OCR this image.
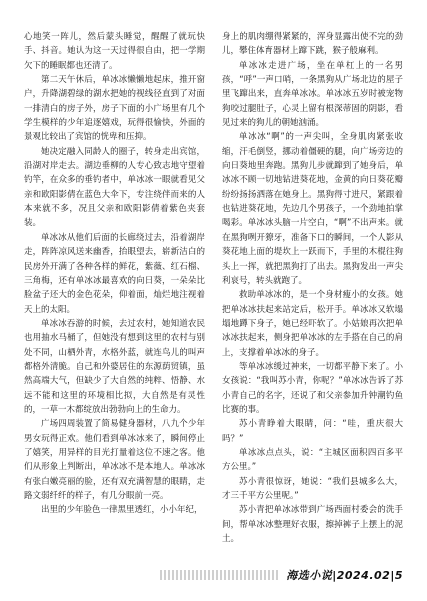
心地笑一阵儿，然后蒙头睡觉，醒醒了就玩快手、抖音。她认为这一天过得很自由，把一学期欠下的睡眠都也还清了。

第二天午休后，单冰冰懒懒地起床，推开窗户，升降湖碧绿的湖水把她的视线径直到了对面一排清白的房子外，房子下面的小广场里有几个学生模样的少年追逐嬉戏，玩得很愉快，外面的景观比较出了宾馆的恍卑和压抑。

她决定融入同龄人的圈子，转身走出宾馆，沿湖对岸走去。湖边垂柳的人专心致志地守望着钓竿，在众多的垂钓者中，单冰冰一眼就看见父亲和欧阳影倩在蓝色大伞下，专注绕伴而来的人本来就不多，况且父亲和欧阳影倩着紫色夹套装。

单冰冰从他们后面的长廊绕过去，沿着湖岸走，阵阵凉风送来幽香，抬眼望去，崭新洁白的民房外开满了各种各样的鲜花，紫薇、红石榴、三角梅，还有单冰冰最喜欢的向日葵，一朵朵比脸盆子还大的金色花朵，仰着面，灿烂地注视着天上的太阳。

单冰冰吞游的时候，去过农村，她知道农民也用抽水马桶了，但她没有想到这里的农村与别处不同，山栖外青，水格外蓝，就连鸟儿的叫声都格外清脆。自己和外婆居住的东源荫贸镇，虽然高端大气，但缺少了大自然的纯粹、悟静、水远不能和这里的环境相比拟，大自然是有灵性的，一草一木都绽放出勃勃向上的生命力。

广场四周装置了简易健身器材，八九个少年男女玩得正欢。他们看到单冰冰来了，瞬间停止了嬉笑，用异样的目光打量着这位不速之客。他们从形象上判断出，单冰冰不是本地人。单冰冰有张白嫩亮丽的脸，还有双充满智慧的眼睛，走路文弱纤纤的样子，有几分眼前一亮。

出里的少年脸色一律黑里透红，小小年纪，

身上的肌肉绷得紧紧的，浑身显露出使不完的劲儿，攀住体育器材上蹿下跳，猴子般麻利。

单冰冰走进广场，坐在单杠上的一名男孩，“呼”一声口哨，一条黑狗从广场北边的屋子里飞蹿出来，直奔单冰冰。单冰冰五岁时被宠物狗咬过腿肚子，心灵上留有根深蒂固的阴影，看见过来的狗儿的朝她汹涌。

单冰冰“啊”的一声尖叫，全身肌肉紧张收缩，汗毛倒竖，挪动着僵硬的腿，向广场旁边的向日葵地里奔跑。黑狗儿步就蹿到了她身后，单冰冰不顾一切地钻进葵花地，金黄的向日葵花瓣纷纷扬扬洒落在她身上。黑狗得寸进尺，紧跟着也钻进葵花地，先边几个男孩子，一个劲地拍掌喝彩。单冰冰头脑一片空白，“啊”不出声来。就在黑狗咧开獠牙，准备下口的瞬间，一个人影从葵花地上面的堤坎上一跃而下，手里的木棍往狗头上一挥，就把黑狗打了出去。黑狗发出一声尖利哀号，转头就跑了。

救助单冰冰的，是一个身材瘦小的女孩。她把单冰冰扶起来站定后，松开手。单冰冰又软塌塌地蹲下身子，她已经吓软了。小姑娘再次把单冰冰扶起来，侧身把单冰冰的左手搭在自己的肩上，支撑着单冰冰的身子。

等单冰冰缓过神来，一切都平静下来了。小女孩说：“我叫苏小青，你呢？”单冰冰告诉了苏小青自己的名字，还说了和父亲参加升钟潮钓鱼比赛的事。

苏小青睁着大眼睛，问：“哇，重庆很大吗？”

单冰冰点点头，说：“主城区面积四百多平方公里。”

苏小青很惊讶，她说：“我们县城多么大，才三千平方公里呢。”

苏小青把单冰冰带到广场西面村委会的洗手间，帮单冰冰整理好衣服，擦掉裤子上摆上的泥土。

海选小说|2024.02|5
